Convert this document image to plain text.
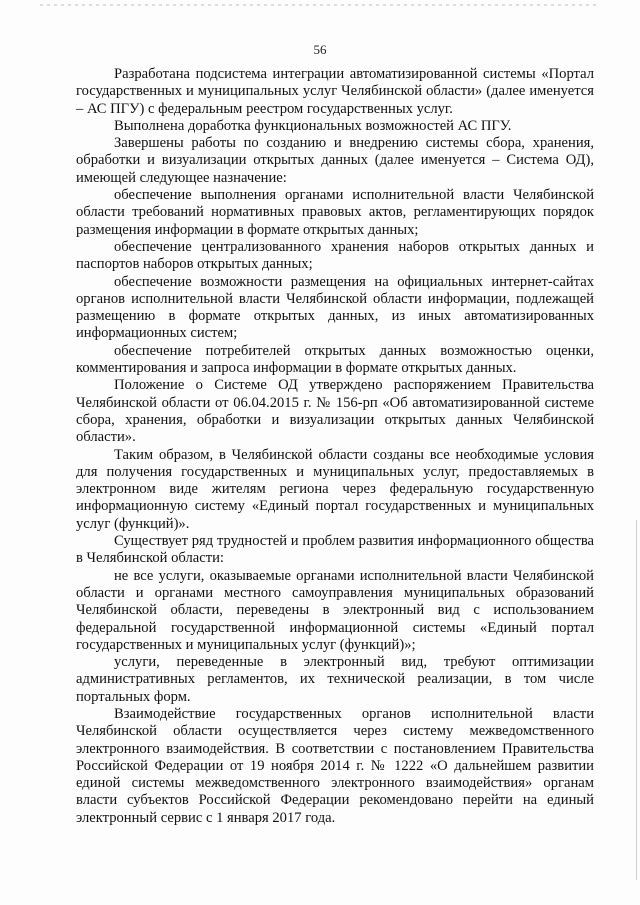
56

Разработана подсистема интеграции автоматизированной системы «Портал государственных и муниципальных услуг Челябинской области» (далее именуется – АС ПГУ) с федеральным реестром государственных услуг.

Выполнена доработка функциональных возможностей АС ПГУ.

Завершены работы по созданию и внедрению системы сбора, хранения, обработки и визуализации открытых данных (далее именуется – Система ОД), имеющей следующее назначение:

обеспечение выполнения органами исполнительной власти Челябинской области требований нормативных правовых актов, регламентирующих порядок размещения информации в формате открытых данных;

обеспечение централизованного хранения наборов открытых данных и паспортов наборов открытых данных;

обеспечение возможности размещения на официальных интернет-сайтах органов исполнительной власти Челябинской области информации, подлежащей размещению в формате открытых данных, из иных автоматизированных информационных систем;

обеспечение потребителей открытых данных возможностью оценки, комментирования и запроса информации в формате открытых данных.

Положение о Системе ОД утверждено распоряжением Правительства Челябинской области от 06.04.2015 г. № 156-рп «Об автоматизированной системе сбора, хранения, обработки и визуализации открытых данных Челябинской области».

Таким образом, в Челябинской области созданы все необходимые условия для получения государственных и муниципальных услуг, предоставляемых в электронном виде жителям региона через федеральную государственную информационную систему «Единый портал государственных и муниципальных услуг (функций)».

Существует ряд трудностей и проблем развития информационного общества в Челябинской области:

не все услуги, оказываемые органами исполнительной власти Челябинской области и органами местного самоуправления муниципальных образований Челябинской области, переведены в электронный вид с использованием федеральной государственной информационной системы «Единый портал государственных и муниципальных услуг (функций)»;

услуги, переведенные в электронный вид, требуют оптимизации административных регламентов, их технической реализации, в том числе портальных форм.

Взаимодействие государственных органов исполнительной власти Челябинской области осуществляется через систему межведомственного электронного взаимодействия. В соответствии с постановлением Правительства Российской Федерации от 19 ноября 2014 г. № 1222 «О дальнейшем развитии единой системы межведомственного электронного взаимодействия» органам власти субъектов Российской Федерации рекомендовано перейти на единый электронный сервис с 1 января 2017 года.
